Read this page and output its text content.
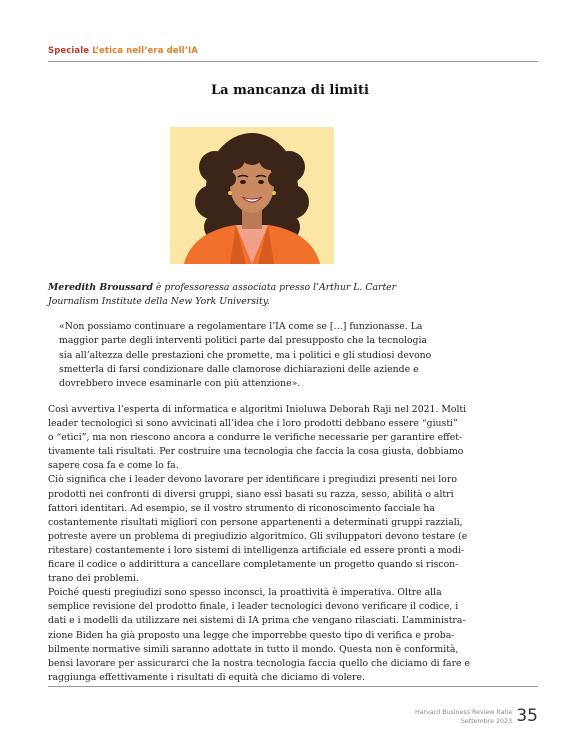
Speciale L’etica nell’era dell’IA
La mancanza di limiti
Meredith Broussard è professoressa associata presso l’Arthur L. Carter
Journalism Institute della New York University.
«Non possiamo continuare a regolamentare l’IA come se […] funzionasse. La
maggior parte degli interventi politici parte dal presupposto che la tecnologia
sia all’altezza delle prestazioni che promette, ma i politici e gli studiosi devono
smetterla di farsi condizionare dalle clamorose dichiarazioni delle aziende e
dovrebbero invece esaminarle con più attenzione».
Così avvertiva l’esperta di informatica e algoritmi Inioluwa Deborah Raji nel 2021. Molti
leader tecnologici si sono avvicinati all’idea che i loro prodotti debbano essere “giusti”
o “etici”, ma non riescono ancora a condurre le verifiche necessarie per garantire effet-
tivamente tali risultati. Per costruire una tecnologia che faccia la cosa giusta, dobbiamo
sapere cosa fa e come lo fa.
Ciò significa che i leader devono lavorare per identificare i pregiudizi presenti nei loro
prodotti nei confronti di diversi gruppi, siano essi basati su razza, sesso, abilità o altri
fattori identitari. Ad esempio, se il vostro strumento di riconoscimento facciale ha
costantemente risultati migliori con persone appartenenti a determinati gruppi razziali,
potreste avere un problema di pregiudizio algoritmico. Gli sviluppatori devono testare (e
ritestare) costantemente i loro sistemi di intelligenza artificiale ed essere pronti a modi-
ficare il codice o addirittura a cancellare completamente un progetto quando si riscon-
trano dei problemi.
Poiché questi pregiudizi sono spesso inconsci, la proattività è imperativa. Oltre alla
semplice revisione del prodotto finale, i leader tecnologici devono verificare il codice, i
dati e i modelli da utilizzare nei sistemi di IA prima che vengano rilasciati. L’amministra-
zione Biden ha già proposto una legge che imporrebbe questo tipo di verifica e proba-
bilmente normative simili saranno adottate in tutto il mondo. Questa non è conformità,
bensì lavorare per assicurarci che la nostra tecnologia faccia quello che diciamo di fare e
raggiunga effettivamente i risultati di equità che diciamo di volere.
Harvard Business Review Italia
Settembre 2023 35
